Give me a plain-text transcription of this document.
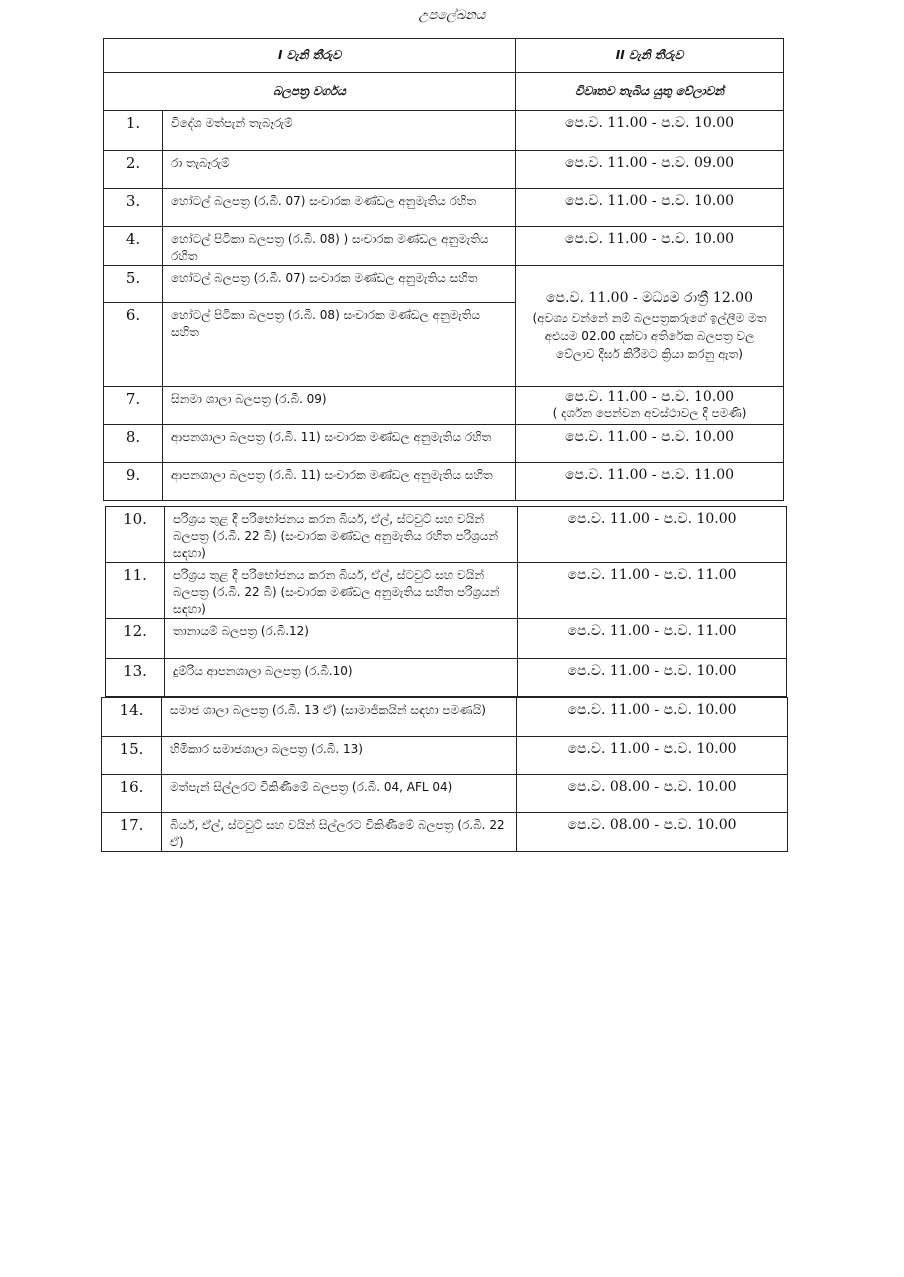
උපලේඛනය
I වැනි තීරුව	II වැනි තීරුව
බලපත්‍ර වර්ගය	විවෘතව තැබිය යුතු වේලාවන්
1.	විදේශ මත්පැන් තැබෑරුම්	පෙ.ව. 11.00 - ප.ව. 10.00
2.	රා තැබෑරුම්	පෙ.ව. 11.00 - ප.ව. 09.00
3.	හෝටල් බලපත්‍ර (ර.බී. 07) සංචාරක මණ්ඩල අනුමැතිය රහිත	පෙ.ව. 11.00 - ප.ව. 10.00
4.	හෝටල් පිටිකා බලපත්‍ර (ර.බී. 08) ) සංචාරක මණ්ඩල අනුමැතිය රහිත	පෙ.ව. 11.00 - ප.ව. 10.00
5.	හෝටල් බලපත්‍ර (ර.බී. 07) සංචාරක මණ්ඩල අනුමැතිය සහිත	පෙ.ව. 11.00 - මධ්‍යම රාත්‍රී 12.00
(අවශ්‍ය වන්නේ නම් බලපත්‍රකරුගේ ඉල්ලීම මත අඑයම 02.00 දක්වා අතිරේක බලපත්‍ර වල වේලාව දීර්ඝ කිරීමට ක්‍රියා කරනු ඇත)

6.	හෝටල් පිටිකා බලපත්‍ර (ර.බී. 08) සංචාරක මණ්ඩල අනුමැතිය සහිත	
7.	සිනමා ශාලා බලපත්‍ර (ර.බී. 09)	පෙ.ව. 11.00 - ප.ව. 10.00
( දර්ශන පෙන්වන අවස්ථාවල දී පමණි)

8.	ආපනශාලා බලපත්‍ර (ර.බී. 11) සංචාරක මණ්ඩල අනුමැතිය රහිත	පෙ.ව. 11.00 - ප.ව. 10.00
9.	ආපනශාලා බලපත්‍ර (ර.බී. 11) සංචාරක මණ්ඩල අනුමැතිය සහිත	පෙ.ව. 11.00 - ප.ව. 11.00
10.	පරිශ්‍රය තුළ දී පරිභෝජනය කරන බියර්, ඒල්, ස්ටවුට් සහ වයින් බලපත්‍ර (ර.බී. 22 බී) (සංචාරක මණ්ඩල අනුමැතිය රහිත පරිශ්‍රයන් සඳහා)	පෙ.ව. 11.00 - ප.ව. 10.00
11.	පරිශ්‍රය තුළ දී පරිභෝජනය කරන බියර්, ඒල්, ස්ටවුට් සහ වයින් බලපත්‍ර (ර.බී. 22 බී) (සංචාරක මණ්ඩල අනුමැතිය සහිත පරිශ්‍රයන් සඳහා)	පෙ.ව. 11.00 - ප.ව. 11.00
12.	තානායම් බලපත්‍ර (ර.බී.12)	පෙ.ව. 11.00 - ප.ව. 11.00
13.	දුම්රිය ආපනශාලා බලපත්‍ර (ර.බී.10)	පෙ.ව. 11.00 - ප.ව. 10.00
14.	සමාජ ශාලා බලපත්‍ර (ර.බී. 13 ඒ) (සාමාජිකයින් සඳහා පමණයි)	පෙ.ව. 11.00 - ප.ව. 10.00
15.	හිමිකාර සමාජශාලා බලපත්‍ර (ර.බී. 13)	පෙ.ව. 11.00 - ප.ව. 10.00
16.	මත්පැන් සිල්ලරට විකිණීමේ බලපත්‍ර (ර.බී. 04, AFL 04)	පෙ.ව. 08.00 - ප.ව. 10.00
17.	බියර්, ඒල්, ස්ටවුට් සහ වයින් සිල්ලරට විකිණීමේ බලපත්‍ර (ර.බී. 22 ඒ)	පෙ.ව. 08.00 - ප.ව. 10.00
